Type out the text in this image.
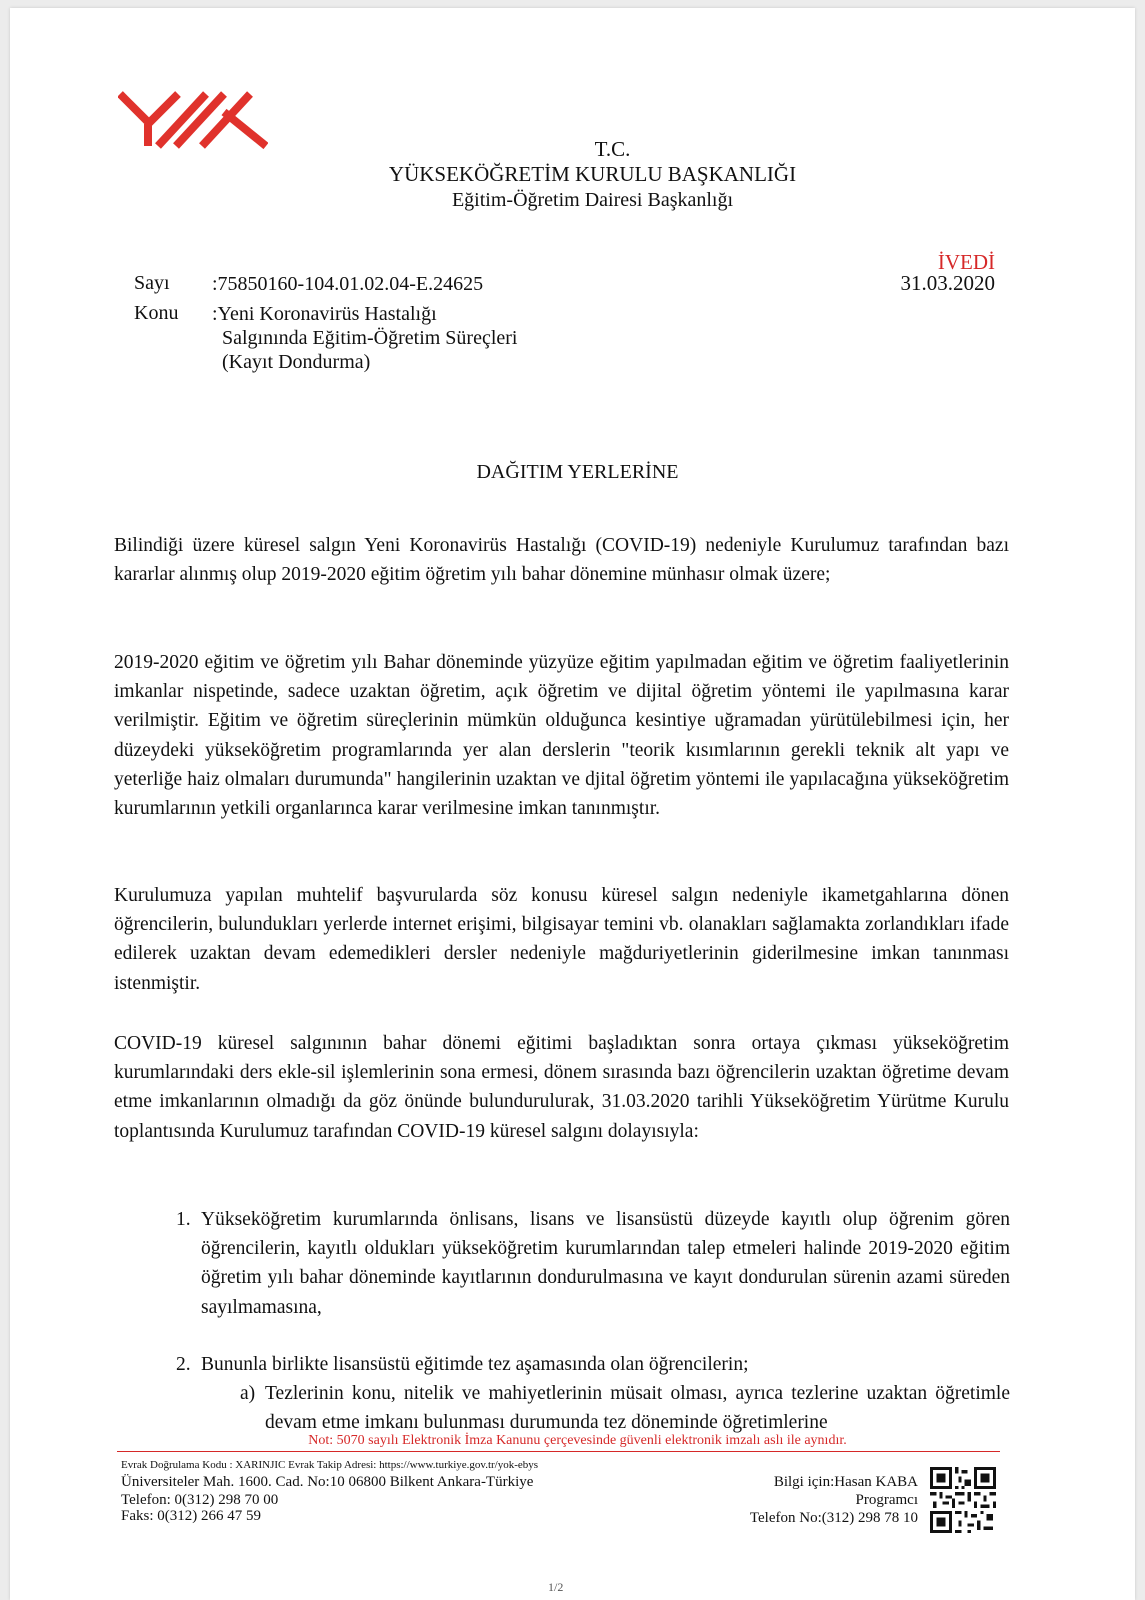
T.C.
YÜKSEKÖĞRETİM KURULU BAŞKANLIĞI
Eğitim-Öğretim Dairesi Başkanlığı
İVEDİ
31.03.2020
Sayı :75850160-104.01.02.04-E.24625
Konu :Yeni Koronavirüs Hastalığı
Salgınında Eğitim-Öğretim Süreçleri
(Kayıt Dondurma)
DAĞITIM YERLERİNE

Bilindiği üzere küresel salgın Yeni Koronavirüs Hastalığı (COVID-19) nedeniyle Kurulumuz tarafından bazı kararlar alınmış olup 2019-2020 eğitim öğretim yılı bahar dönemine münhasır olmak üzere;

2019-2020 eğitim ve öğretim yılı Bahar döneminde yüzyüze eğitim yapılmadan eğitim ve öğretim faaliyetlerinin imkanlar nispetinde, sadece uzaktan öğretim, açık öğretim ve dijital öğretim yöntemi ile yapılmasına karar verilmiştir. Eğitim ve öğretim süreçlerinin mümkün olduğunca kesintiye uğramadan yürütülebilmesi için, her düzeydeki yükseköğretim programlarında yer alan derslerin "teorik kısımlarının gerekli teknik alt yapı ve yeterliğe haiz olmaları durumunda" hangilerinin uzaktan ve djital öğretim yöntemi ile yapılacağına yükseköğretim kurumlarının yetkili organlarınca karar verilmesine imkan tanınmıştır.

Kurulumuza yapılan muhtelif başvurularda söz konusu küresel salgın nedeniyle ikametgahlarına dönen öğrencilerin, bulundukları yerlerde internet erişimi, bilgisayar temini vb. olanakları sağlamakta zorlandıkları ifade edilerek uzaktan devam edemedikleri dersler nedeniyle mağduriyetlerinin giderilmesine imkan tanınması istenmiştir.

COVID-19 küresel salgınının bahar dönemi eğitimi başladıktan sonra ortaya çıkması yükseköğretim kurumlarındaki ders ekle-sil işlemlerinin sona ermesi, dönem sırasında bazı öğrencilerin uzaktan öğretime devam etme imkanlarının olmadığı da göz önünde bulundurulurak, 31.03.2020 tarihli Yükseköğretim Yürütme Kurulu toplantısında Kurulumuz tarafından COVID-19 küresel salgını dolayısıyla:

1. Yükseköğretim kurumlarında önlisans, lisans ve lisansüstü düzeyde kayıtlı olup öğrenim gören öğrencilerin, kayıtlı oldukları yükseköğretim kurumlarından talep etmeleri halinde 2019-2020 eğitim öğretim yılı bahar döneminde kayıtlarının dondurulmasına ve kayıt dondurulan sürenin azami süreden sayılmamasına,
2. Bununla birlikte lisansüstü eğitimde tez aşamasında olan öğrencilerin;
a) Tezlerinin konu, nitelik ve mahiyetlerinin müsait olması, ayrıca tezlerine uzaktan öğretimle devam etme imkanı bulunması durumunda tez döneminde öğretimlerine
Not: 5070 sayılı Elektronik İmza Kanunu çerçevesinde güvenli elektronik imzalı aslı ile aynıdır.
Evrak Doğrulama Kodu : XARINJIC Evrak Takip Adresi: https://www.turkiye.gov.tr/yok-ebys
Üniversiteler Mah. 1600. Cad. No:10 06800 Bilkent Ankara-Türkiye
Telefon: 0(312) 298 70 00
Faks: 0(312) 266 47 59
Bilgi için:Hasan KABA
Programcı
Telefon No:(312) 298 78 10
1/2
